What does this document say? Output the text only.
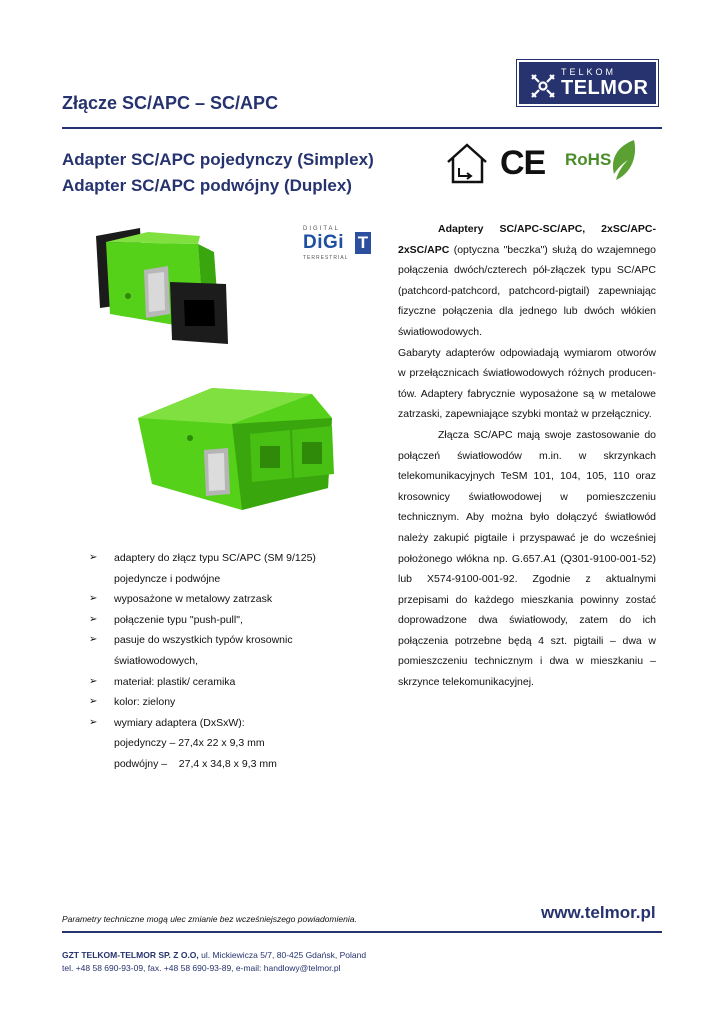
TELKOM
TELMOR
Złącze SC/APC – SC/APC
Adapter SC/APC pojedynczy (Simplex)
Adapter SC/APC podwójny (Duplex)
CE RoHS
DIGITAL
DiGi T
TERRESTRIAL

Adaptery SC/APC-SC/APC, 2xSC/APC-2xSC/APC (optyczna "beczka") służą do wzajemnego połączenia dwóch/czterech pół-złączek typu SC/APC (patchcord-patchcord, patchcord-pigtail) zapewniając fizyczne połączenia dla jednego lub dwóch włókien światłowodowych.

Gabaryty adapterów odpowiadają wymiarom otworów w przełącznicach światłowodowych różnych producen-tów. Adaptery fabrycznie wyposażone są w metalowe zatrzaski, zapewniające szybki montaż w przełącznicy.

Złącza SC/APC mają swoje zastosowanie do połączeń światłowodów m.in. w skrzynkach telekomunikacyjnych TeSM 101, 104, 105, 110 oraz krosownicy światłowodowej w pomieszczeniu technicznym. Aby można było dołączyć światłowód należy zakupić pigtaile i przyspawać je do wcześniej położonego włókna np. G.657.A1 (Q301-9100-001-52) lub X574-9100-001-92. Zgodnie z aktualnymi przepisami do każdego mieszkania powinny zostać doprowadzone dwa światłowody, zatem do ich połączenia potrzebne będą 4 szt. pigtaili – dwa w pomieszczeniu technicznym i dwa w mieszkaniu – skrzynce telekomunikacyjnej.

➢ adaptery do złącz typu SC/APC (SM 9/125)
pojedyncze i podwójne
➢ wyposażone w metalowy zatrzask
➢ połączenie typu "push-pull",
➢ pasuje do wszystkich typów krosownic
światłowodowych,
➢ materiał: plastik/ ceramika
➢ kolor: zielony
➢ wymiary adaptera (DxSxW):
pojedynczy – 27,4x 22 x 9,3 mm
podwójny –    27,4 x 34,8 x 9,3 mm
Parametry techniczne mogą ulec zmianie bez wcześniejszego powiadomienia.	www.telmor.pl
GZT TELKOM-TELMOR SP. Z O.O, ul. Mickiewicza 5/7, 80-425 Gdańsk, Poland
tel. +48 58 690-93-09, fax. +48 58 690-93-89, e-mail: handlowy@telmor.pl
